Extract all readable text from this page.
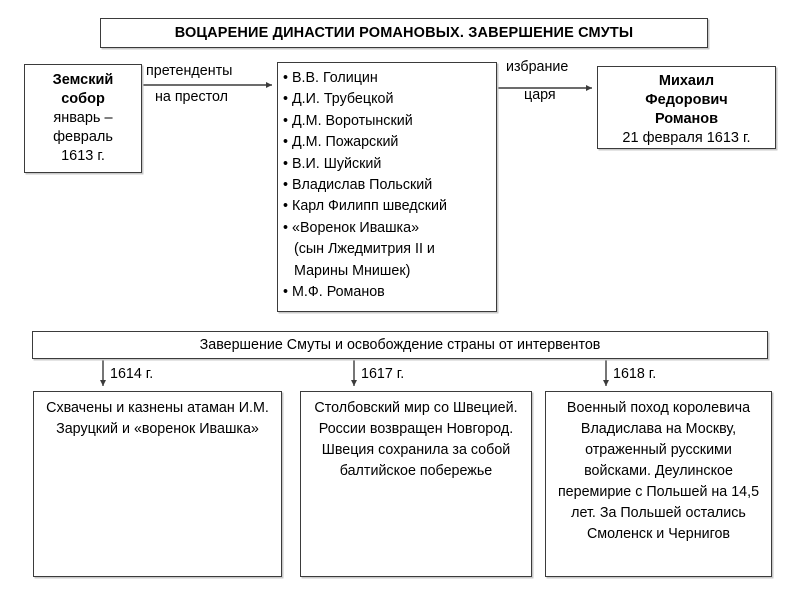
ВОЦАРЕНИЕ ДИНАСТИИ РОМАНОВЫХ. ЗАВЕРШЕНИЕ СМУТЫ
Земский
собор
январь –
февраль
1613 г.
претенденты
на престол
• В.В. Голицин
• Д.И. Трубецкой
• Д.М. Воротынский
• Д.М. Пожарский
• В.И. Шуйский
• Владислав Польский
• Карл Филипп шведский
• «Воренок Ивашка»
(сын Лжедмитрия II и
Марины Мнишек)
• М.Ф. Романов
избрание
царя
Михаил
Федорович
Романов
21 февраля 1613 г.
Завершение Смуты и освобождение страны от интервентов
1614 г.	1617 г.	1618 г.
Схвачены и казнены атаман И.М. Заруцкий и «воренок Ивашка»
Столбовский мир со Швецией. России возвращен Новгород. Швеция сохранила за собой балтийское побережье
Военный поход королевича Владислава на Москву, отраженный русскими войсками. Деулинское перемирие с Польшей на 14,5 лет. За Польшей остались Смоленск и Чернигов
